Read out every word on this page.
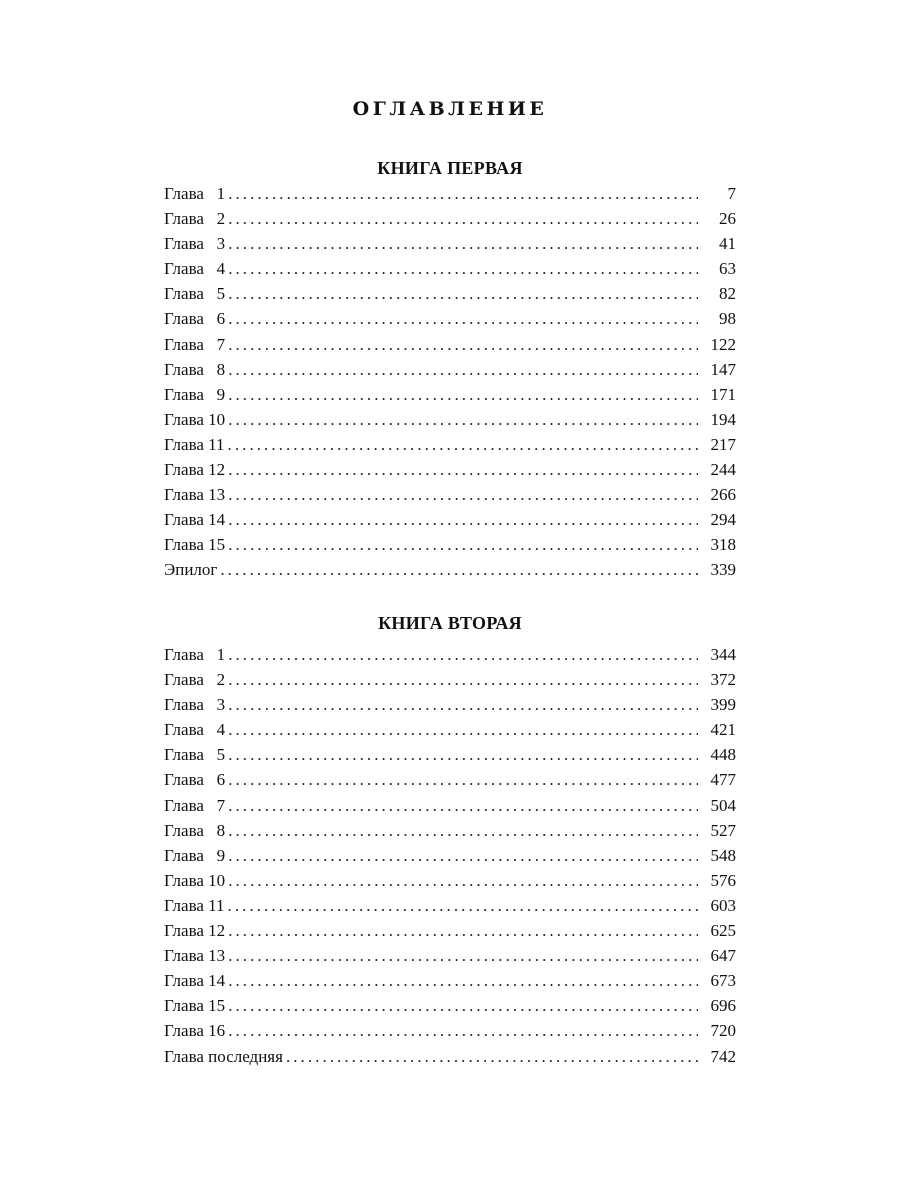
ОГЛАВЛЕНИЕ
КНИГА ПЕРВАЯ
Глава   1 . . .	7
Глава   2 . . .	26
Глава   3 . . .	41
Глава   4 . . .	63
Глава   5 . . .	82
Глава   6 . . .	98
Глава   7 . . .	122
Глава   8 . . .	147
Глава   9 . . .	171
Глава 10 . . .	194
Глава 11 . . .	217
Глава 12 . . .	244
Глава 13 . . .	266
Глава 14 . . .	294
Глава 15 . . .	318
Эпилог . . .	339
КНИГА ВТОРАЯ
Глава   1 . . .	344
Глава   2 . . .	372
Глава   3 . . .	399
Глава   4 . . .	421
Глава   5 . . .	448
Глава   6 . . .	477
Глава   7 . . .	504
Глава   8 . . .	527
Глава   9 . . .	548
Глава 10 . . .	576
Глава 11 . . .	603
Глава 12 . . .	625
Глава 13 . . .	647
Глава 14 . . .	673
Глава 15 . . .	696
Глава 16 . . .	720
Глава последняя . . .	742
